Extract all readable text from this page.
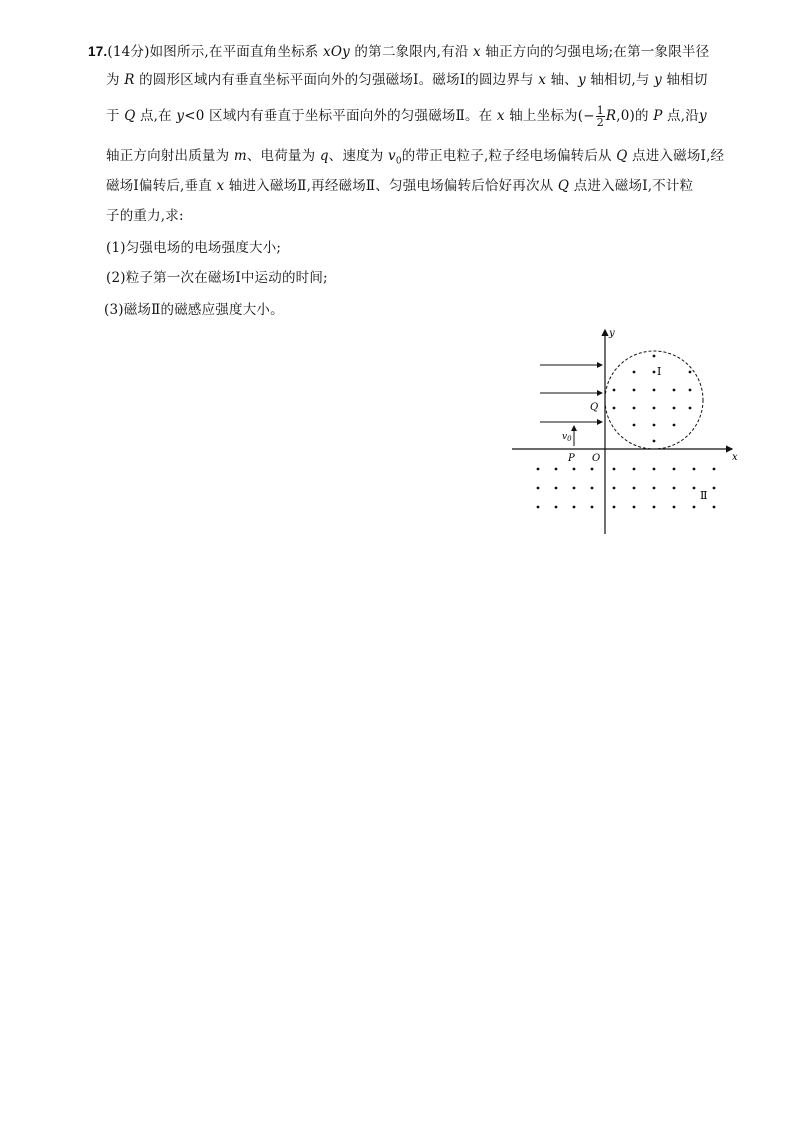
17.(14分)如图所示,在平面直角坐标系 xOy 的第二象限内,有沿 x 轴正方向的匀强电场;在第一象限半径
为 R 的圆形区域内有垂直坐标平面向外的匀强磁场Ⅰ。磁场Ⅰ的圆边界与 x 轴、y 轴相切,与 y 轴相切
于 Q 点,在 y<0 区域内有垂直于坐标平面向外的匀强磁场Ⅱ。在 x 轴上坐标为(− $\frac{1}{2} R,0$)的 P 点,沿y
轴正方向射出质量为 m、电荷量为 q、速度为 $v_0$的带正电粒子,粒子经电场偏转后从 Q 点进入磁场Ⅰ,经
磁场Ⅰ偏转后,垂直 x 轴进入磁场Ⅱ,再经磁场Ⅱ、匀强电场偏转后恰好再次从 Q 点进入磁场Ⅰ,不计粒
子的重力,求:
(1)匀强电场的电场强度大小;
(2)粒子第一次在磁场Ⅰ中运动的时间;
(3)磁场Ⅱ的磁感应强度大小。
y
x
O
P
$v_0$
Q
Ⅰ
Ⅱ
